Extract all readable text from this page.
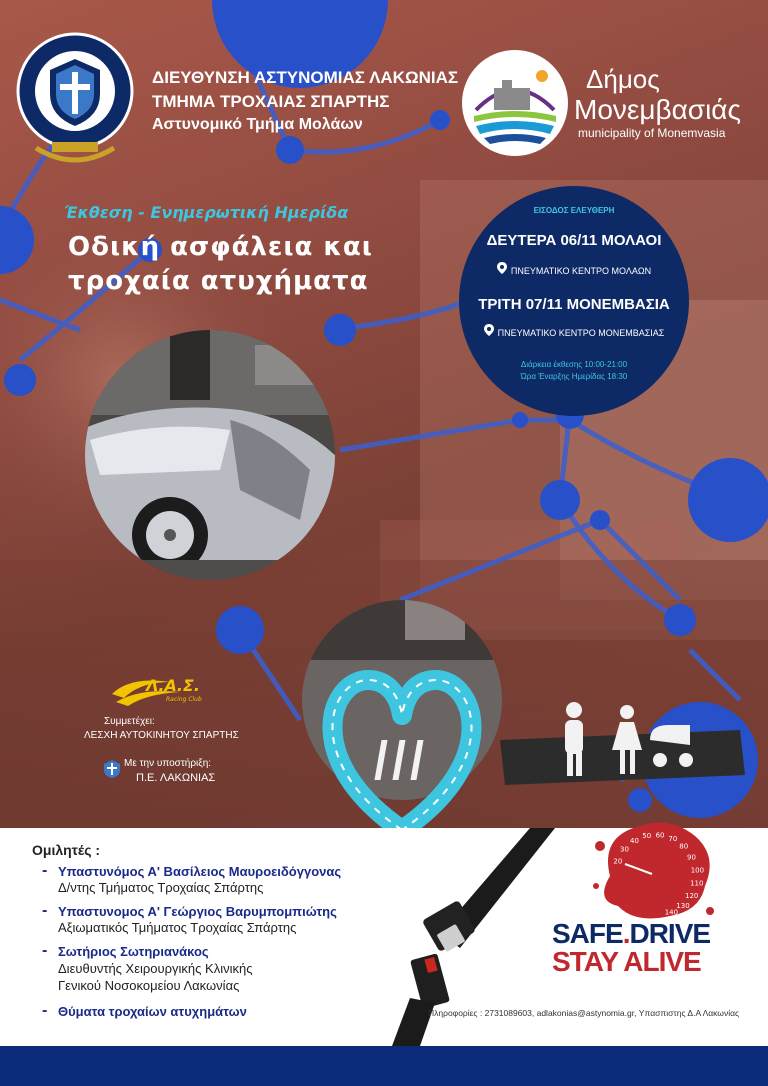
ΔΙΕΥΘΥΝΣΗ ΑΣΤΥΝΟΜΙΑΣ ΛΑΚΩΝΙΑΣ
ΤΜΗΜΑ ΤΡΟΧΑΙΑΣ ΣΠΑΡΤΗΣ
Αστυνομικό Τμήμα Μολάων
Δήμος
Μονεμβασιάς
municipality of Monemvasia
Έκθεση - Ενημερωτική Ημερίδα
Οδική ασφάλεια και
τροχαία ατυχήματα
ΕΙΣΟΔΟΣ ΕΛΕΥΘΕΡΗ
ΔΕΥΤΕΡΑ 06/11 ΜΟΛΑΟΙ
ΠΝΕΥΜΑΤΙΚΟ ΚΕΝΤΡΟ ΜΟΛΑΩΝ
ΤΡΙΤΗ 07/11 ΜΟΝΕΜΒΑΣΙΑ
ΠΝΕΥΜΑΤΙΚΟ ΚΕΝΤΡΟ ΜΟΝΕΜΒΑΣΙΑΣ
Διάρκεια έκθεσης 10:00-21:00
Ώρα Έναρξης Ημερίδας 18:30
Λ.Α.Σ.
Racing Club
Συμμετέχει:
ΛΕΣΧΗ ΑΥΤΟΚΙΝΗΤΟΥ ΣΠΑΡΤΗΣ
Με την υποστήριξη:
Π.Ε. ΛΑΚΩΝΙΑΣ
Ομιλητές :
- Υπαστυνόμος Α' Βασίλειος Μαυροειδόγγονας
Δ/ντης Τμήματος Τροχαίας Σπάρτης
- Υπαστυνομος Α' Γεώργιος Βαρυμπομπιώτης
Αξιωματικός Τμήματος Τροχαίας Σπάρτης
- Σωτήριος Σωτηριανάκος
Διευθυντής Χειρουργικής Κλινικής
Γενικού Νοσοκομείου Λακωνίας
- Θύματα τροχαίων ατυχημάτων
20
30
40
50 60 70
80
90
100
110
120
130
140
SAFE.DRIVE
STAY ALIVE
Πληροφορίες : 2731089603, adlakonias@astynomia.gr, Υπασπιστης Δ.Α Λακωνίας
